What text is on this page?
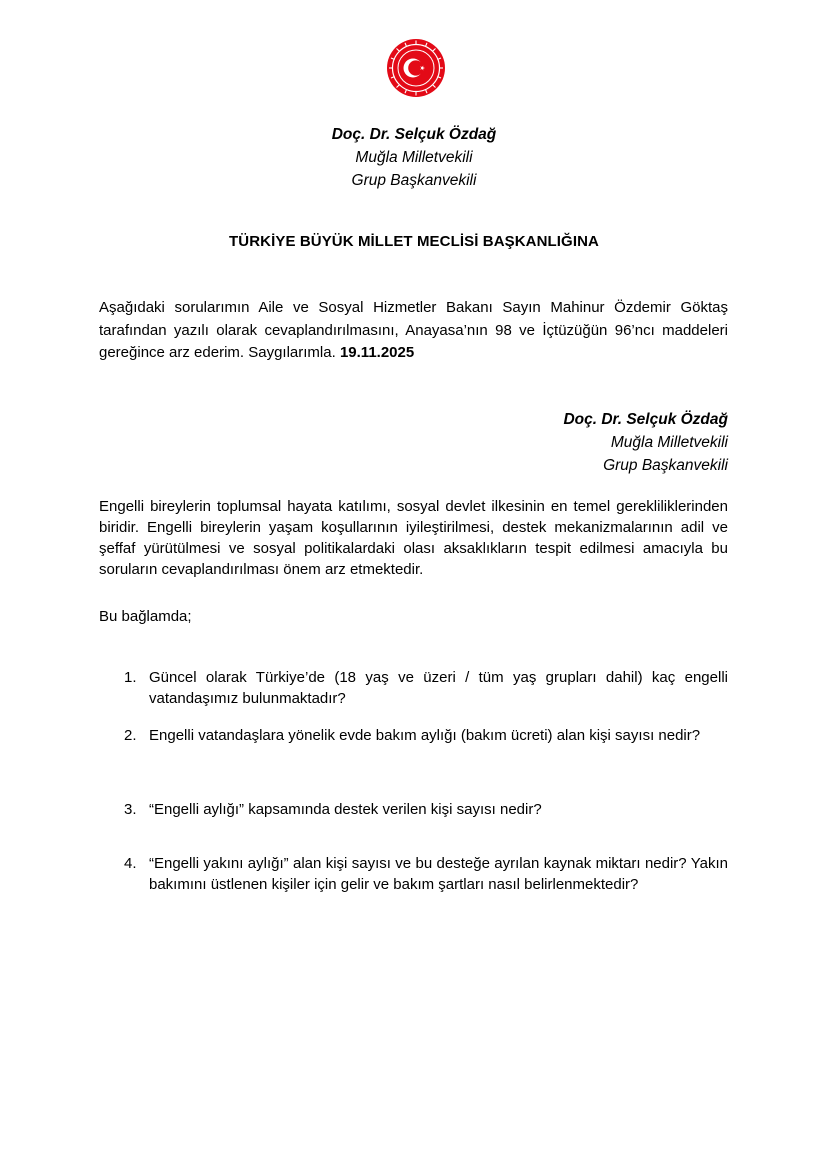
Doç. Dr. Selçuk Özdağ
Muğla Milletvekili
Grup Başkanvekili
TÜRKİYE BÜYÜK MİLLET MECLİSİ BAŞKANLIĞINA
Aşağıdaki sorularımın Aile ve Sosyal Hizmetler Bakanı Sayın Mahinur Özdemir Göktaş tarafından yazılı olarak cevaplandırılmasını, Anayasa’nın 98 ve İçtüzüğün 96’ncı maddeleri gereğince arz ederim. Saygılarımla. 19.11.2025
Doç. Dr. Selçuk Özdağ
Muğla Milletvekili
Grup Başkanvekili
Engelli bireylerin toplumsal hayata katılımı, sosyal devlet ilkesinin en temel gerekliliklerinden biridir. Engelli bireylerin yaşam koşullarının iyileştirilmesi, destek mekanizmalarının adil ve şeffaf yürütülmesi ve sosyal politikalardaki olası aksaklıkların tespit edilmesi amacıyla bu soruların cevaplandırılması önem arz etmektedir.
Bu bağlamda;
1. Güncel olarak Türkiye’de (18 yaş ve üzeri / tüm yaş grupları dahil) kaç engelli vatandaşımız bulunmaktadır?
2. Engelli vatandaşlara yönelik evde bakım aylığı (bakım ücreti) alan kişi sayısı nedir?
3. “Engelli aylığı” kapsamında destek verilen kişi sayısı nedir?
4. “Engelli yakını aylığı” alan kişi sayısı ve bu desteğe ayrılan kaynak miktarı nedir? Yakın bakımını üstlenen kişiler için gelir ve bakım şartları nasıl belirlenmektedir?
